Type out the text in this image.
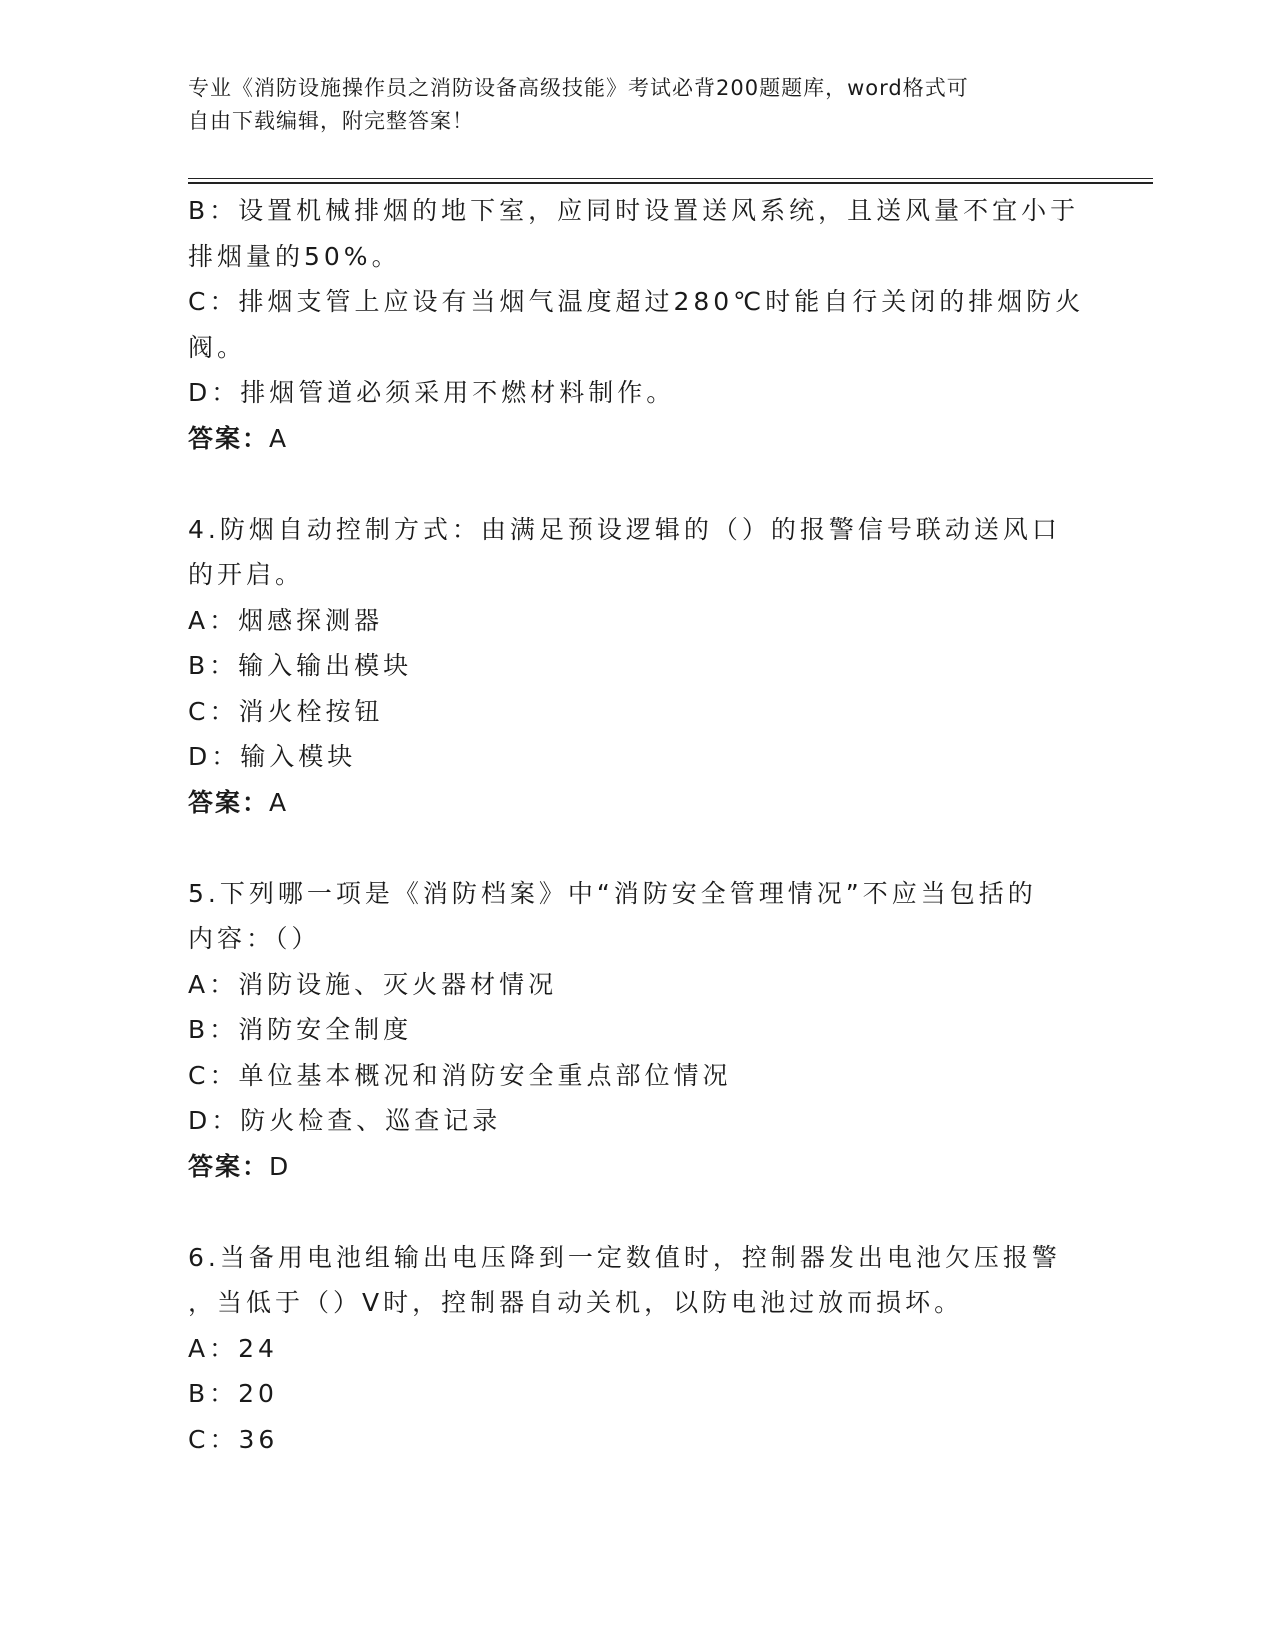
专业《消防设施操作员之消防设备高级技能》考试必背200题题库，word格式可
自由下载编辑，附完整答案！
B：设置机械排烟的地下室，应同时设置送风系统，且送风量不宜小于
排烟量的50%。
C：排烟支管上应设有当烟气温度超过280℃时能自行关闭的排烟防火
阀。
D：排烟管道必须采用不燃材料制作。
答案：A
4.防烟自动控制方式：由满足预设逻辑的（）的报警信号联动送风口
的开启。
A：烟感探测器
B：输入输出模块
C：消火栓按钮
D：输入模块
答案：A
5.下列哪一项是《消防档案》中“消防安全管理情况”不应当包括的
内容：（）
A：消防设施、灭火器材情况
B：消防安全制度
C：单位基本概况和消防安全重点部位情况
D：防火检查、巡查记录
答案：D
6.当备用电池组输出电压降到一定数值时，控制器发出电池欠压报警
，当低于（）V时，控制器自动关机，以防电池过放而损坏。
A：24
B：20
C：36
